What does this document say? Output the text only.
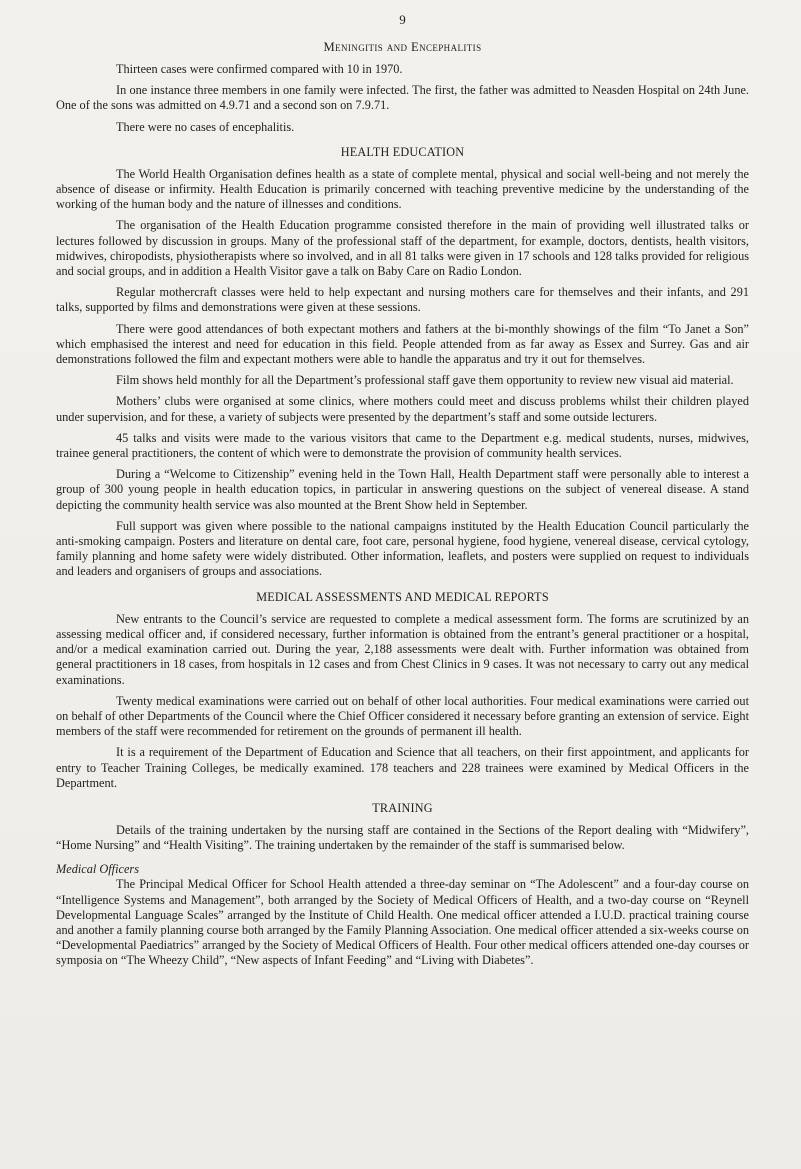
9
Meningitis and Encephalitis

Thirteen cases were confirmed compared with 10 in 1970.

In one instance three members in one family were infected. The first, the father was admitted to Neasden Hospital on 24th June. One of the sons was admitted on 4.9.71 and a second son on 7.9.71.

There were no cases of encephalitis.

HEALTH EDUCATION

The World Health Organisation defines health as a state of complete mental, physical and social well-being and not merely the absence of disease or infirmity. Health Education is primarily concerned with teaching preventive medicine by the understanding of the working of the human body and the nature of illnesses and conditions.

The organisation of the Health Education programme consisted therefore in the main of providing well illustrated talks or lectures followed by discussion in groups. Many of the professional staff of the department, for example, doctors, dentists, health visitors, midwives, chiropodists, physiotherapists where so involved, and in all 81 talks were given in 17 schools and 128 talks provided for religious and social groups, and in addition a Health Visitor gave a talk on Baby Care on Radio London.

Regular mothercraft classes were held to help expectant and nursing mothers care for themselves and their infants, and 291 talks, supported by films and demonstrations were given at these sessions.

There were good attendances of both expectant mothers and fathers at the bi-monthly showings of the film “To Janet a Son” which emphasised the interest and need for education in this field. People attended from as far away as Essex and Surrey. Gas and air demonstrations followed the film and expectant mothers were able to handle the apparatus and try it out for themselves.

Film shows held monthly for all the Department’s professional staff gave them opportunity to review new visual aid material.

Mothers’ clubs were organised at some clinics, where mothers could meet and discuss problems whilst their children played under supervision, and for these, a variety of subjects were presented by the department’s staff and some outside lecturers.

45 talks and visits were made to the various visitors that came to the Department e.g. medical students, nurses, midwives, trainee general practitioners, the content of which were to demonstrate the provision of community health services.

During a “Welcome to Citizenship” evening held in the Town Hall, Health Department staff were personally able to interest a group of 300 young people in health education topics, in particular in answering questions on the subject of venereal disease. A stand depicting the community health service was also mounted at the Brent Show held in September.

Full support was given where possible to the national campaigns instituted by the Health Education Council particularly the anti-smoking campaign. Posters and literature on dental care, foot care, personal hygiene, food hygiene, venereal disease, cervical cytology, family planning and home safety were widely distributed. Other information, leaflets, and posters were supplied on request to individuals and leaders and organisers of groups and associations.

MEDICAL ASSESSMENTS AND MEDICAL REPORTS

New entrants to the Council’s service are requested to complete a medical assessment form. The forms are scrutinized by an assessing medical officer and, if considered necessary, further information is obtained from the entrant’s general practitioner or a hospital, and/or a medical examination carried out. During the year, 2,188 assessments were dealt with. Further information was obtained from general practitioners in 18 cases, from hospitals in 12 cases and from Chest Clinics in 9 cases. It was not necessary to carry out any medical examinations.

Twenty medical examinations were carried out on behalf of other local authorities. Four medical examinations were carried out on behalf of other Departments of the Council where the Chief Officer considered it necessary before granting an extension of service. Eight members of the staff were recommended for retirement on the grounds of permanent ill health.

It is a requirement of the Department of Education and Science that all teachers, on their first appointment, and applicants for entry to Teacher Training Colleges, be medically examined. 178 teachers and 228 trainees were examined by Medical Officers in the Department.

TRAINING

Details of the training undertaken by the nursing staff are contained in the Sections of the Report dealing with “Midwifery”, “Home Nursing” and “Health Visiting”. The training undertaken by the remainder of the staff is summarised below.

Medical Officers

The Principal Medical Officer for School Health attended a three-day seminar on “The Adolescent” and a four-day course on “Intelligence Systems and Management”, both arranged by the Society of Medical Officers of Health, and a two-day course on “Reynell Developmental Language Scales” arranged by the Institute of Child Health. One medical officer attended a I.U.D. practical training course and another a family planning course both arranged by the Family Planning Association. One medical officer attended a six-weeks course on “Developmental Paediatrics” arranged by the Society of Medical Officers of Health. Four other medical officers attended one-day courses or symposia on “The Wheezy Child”, “New aspects of Infant Feeding” and “Living with Diabetes”.
